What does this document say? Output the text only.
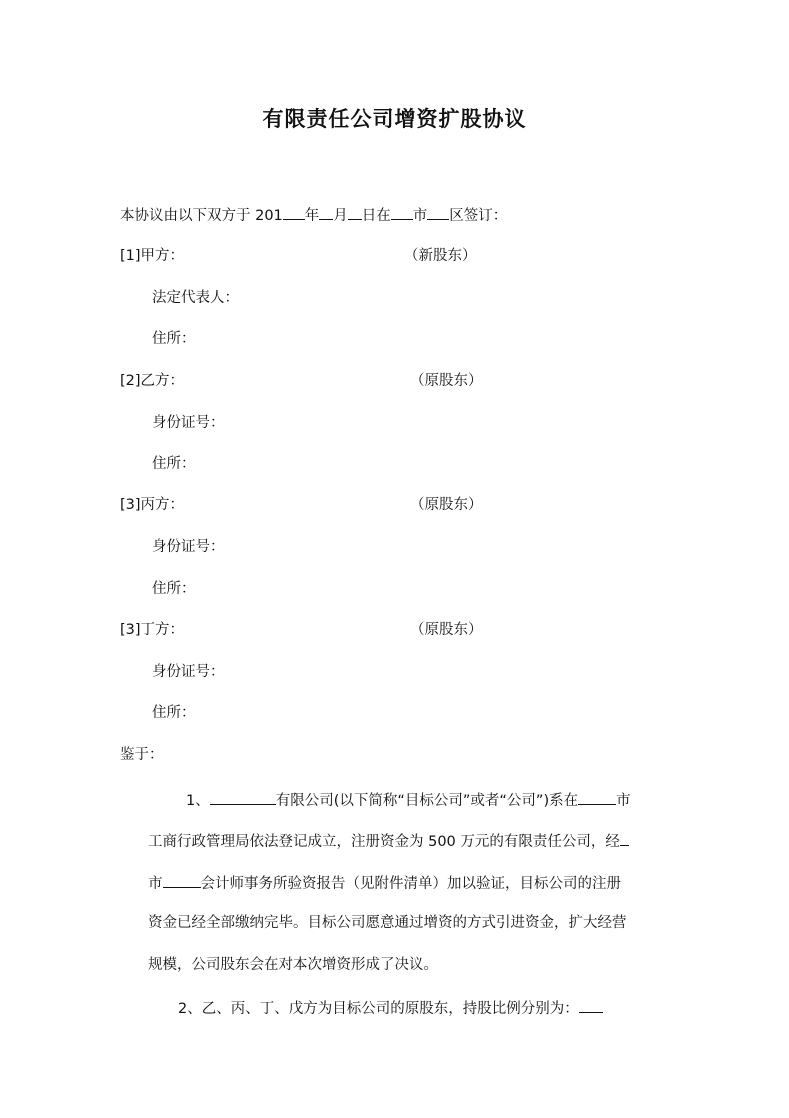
有限责任公司增资扩股协议
本协议由以下双方于 201 年 月 日在 市 区签订：
[1]甲方：	（新股东）
法定代表人：
住所：
[2]乙方：	（原股东）
身份证号：
住所：
[3]丙方：	（原股东）
身份证号：
住所：
[3]丁方：	（原股东）
身份证号：
住所：
鉴于：
1、	有限公司(以下简称“目标公司”或者“公司”)系在	市
工商行政管理局依法登记成立，注册资金为 500 万元的有限责任公司，经
市	会计师事务所验资报告（见附件清单）加以验证，目标公司的注册
资金已经全部缴纳完毕。目标公司愿意通过增资的方式引进资金，扩大经营
规模，公司股东会在对本次增资形成了决议。
2、乙、丙、丁、戊方为目标公司的原股东，持股比例分别为：
